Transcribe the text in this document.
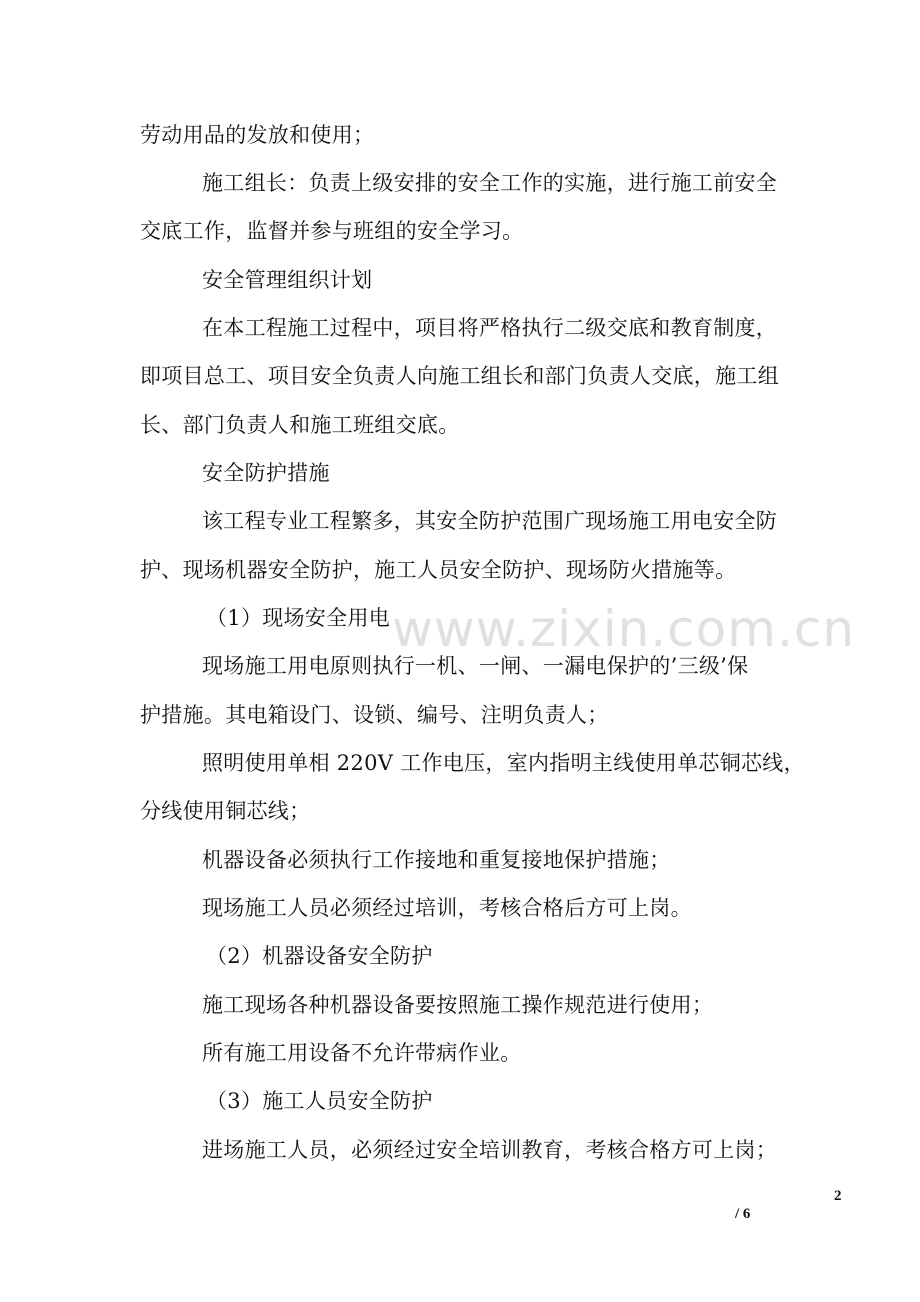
劳动用品的发放和使用；
施工组长：负责上级安排的安全工作的实施，进行施工前安全
交底工作，监督并参与班组的安全学习。
安全管理组织计划
在本工程施工过程中，项目将严格执行二级交底和教育制度，
即项目总工、项目安全负责人向施工组长和部门负责人交底，施工组
长、部门负责人和施工班组交底。
安全防护措施
该工程专业工程繁多，其安全防护范围广现场施工用电安全防
护、现场机器安全防护，施工人员安全防护、现场防火措施等。
（1）现场安全用电
现场施工用电原则执行一机、一闸、一漏电保护的’三级’保
护措施。其电箱设门、设锁、编号、注明负责人；
照明使用单相 220V 工作电压，室内指明主线使用单芯铜芯线，
分线使用铜芯线；
机器设备必须执行工作接地和重复接地保护措施；
现场施工人员必须经过培训，考核合格后方可上岗。
（2）机器设备安全防护
施工现场各种机器设备要按照施工操作规范进行使用；
所有施工用设备不允许带病作业。
（3）施工人员安全防护
进场施工人员，必须经过安全培训教育，考核合格方可上岗；
www.zixin.com.cn
2
/ 6
